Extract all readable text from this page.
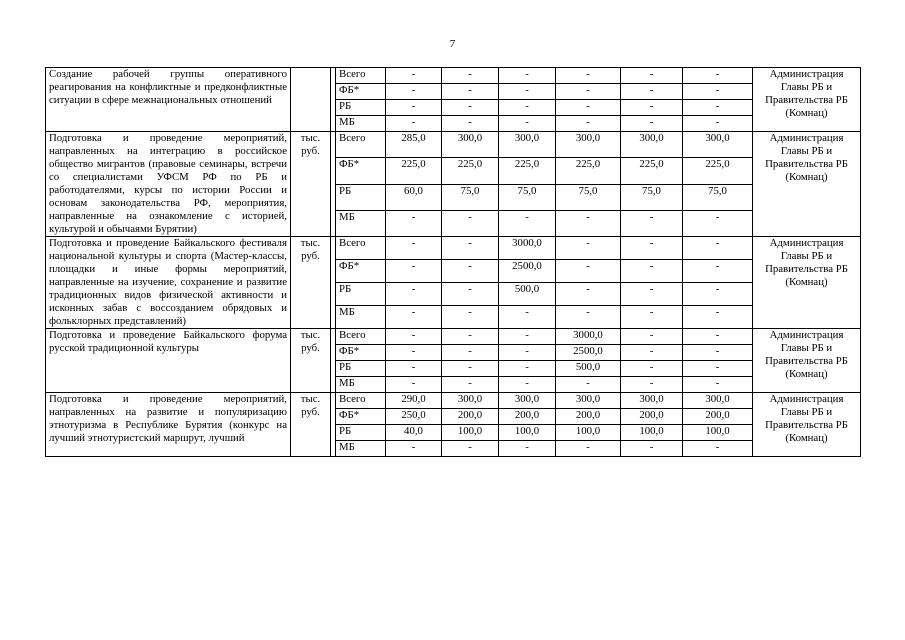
7
Создание рабочей группы оперативного реагирования на конфликтные и предконфликтные ситуации в сфере межнациональных отношений			Всего	-	-	-	-	-	-	Администрация Главы РБ и Правительства РБ (Комнац)
			ФБ*	-	-	-	-	-	-	
			РБ	-	-	-	-	-	-	
			МБ	-	-	-	-	-	-	
Подготовка и проведение мероприятий, направленных на интеграцию в российское общество мигрантов (правовые семинары, встречи со специалистами УФСМ РФ по РБ и работодателями, курсы по истории России и основам законодательства РФ, мероприятия, направленные на ознакомление с историей, культурой и обычаями Бурятии)	тыс. руб.		Всего	285,0	300,0	300,0	300,0	300,0	300,0	Администрация Главы РБ и Правительства РБ (Комнац)
			ФБ*	225,0	225,0	225,0	225,0	225,0	225,0	
			РБ	60,0	75,0	75,0	75,0	75,0	75,0	
			МБ	-	-	-	-	-	-	
Подготовка и проведение Байкальского фестиваля национальной культуры и спорта (Мастер-классы, площадки и иные формы мероприятий, направленные на изучение, сохранение и развитие традиционных видов физической активности и исконных забав с воссозданием обрядовых и фольклорных представлений)	тыс. руб.		Всего	-	-	3000,0	-	-	-	Администрация Главы РБ и Правительства РБ (Комнац)
			ФБ*	-	-	2500,0	-	-	-	
			РБ	-	-	500,0	-	-	-	
			МБ	-	-	-	-	-	-	
Подготовка и проведение Байкальского форума русской традиционной культуры	тыс. руб.		Всего	-	-	-	3000,0	-	-	Администрация Главы РБ и Правительства РБ (Комнац)
			ФБ*	-	-	-	2500,0	-	-	
			РБ	-	-	-	500,0	-	-	
			МБ	-	-	-	-	-	-	
Подготовка и проведение мероприятий, направленных на развитие и популяризацию этнотуризма в Республике Бурятия (конкурс на лучший этнотуристский маршрут, лучший	тыс. руб.		Всего	290,0	300,0	300,0	300,0	300,0	300,0	Администрация Главы РБ и Правительства РБ (Комнац)
			ФБ*	250,0	200,0	200,0	200,0	200,0	200,0	
			РБ	40,0	100,0	100,0	100,0	100,0	100,0	
			МБ	-	-	-	-	-	-	
